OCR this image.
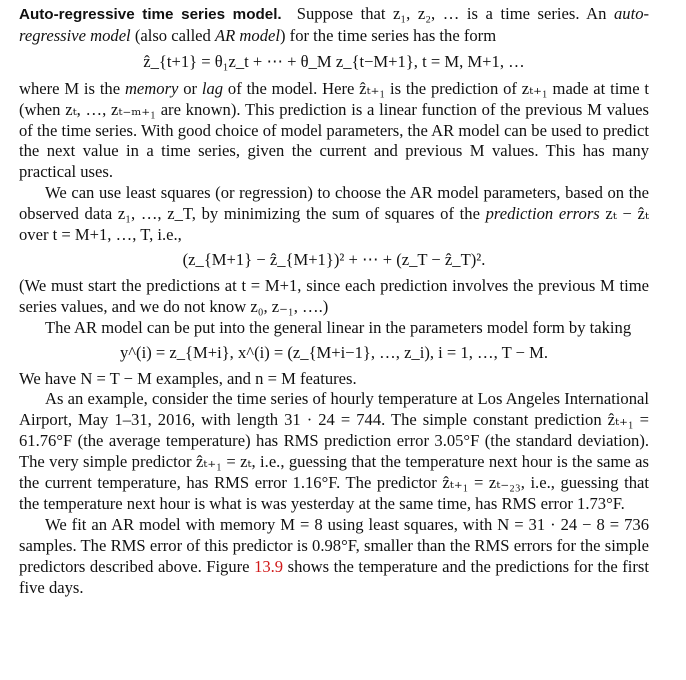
Auto-regressive time series model. Suppose that z₁, z₂, … is a time series. An auto-regressive model (also called AR model) for the time series has the form

ẑ_{t+1} = θ₁z_t + ⋯ + θ_M z_{t−M+1}, t = M, M+1, …

where M is the memory or lag of the model. Here ẑₜ₊₁ is the prediction of zₜ₊₁ made at time t (when zₜ, …, zₜ₋ₘ₊₁ are known). This prediction is a linear function of the previous M values of the time series. With good choice of model parameters, the AR model can be used to predict the next value in a time series, given the current and previous M values. This has many practical uses.

We can use least squares (or regression) to choose the AR model parameters, based on the observed data z₁, …, z_T, by minimizing the sum of squares of the prediction errors zₜ − ẑₜ over t = M+1, …, T, i.e.,

(z_{M+1} − ẑ_{M+1})² + ⋯ + (z_T − ẑ_T)².

(We must start the predictions at t = M+1, since each prediction involves the previous M time series values, and we do not know z₀, z₋₁, ….)

The AR model can be put into the general linear in the parameters model form by taking

y^(i) = z_{M+i}, x^(i) = (z_{M+i−1}, …, z_i), i = 1, …, T − M.

We have N = T − M examples, and n = M features.

As an example, consider the time series of hourly temperature at Los Angeles International Airport, May 1–31, 2016, with length 31 · 24 = 744. The simple constant prediction ẑₜ₊₁ = 61.76°F (the average temperature) has RMS prediction error 3.05°F (the standard deviation). The very simple predictor ẑₜ₊₁ = zₜ, i.e., guessing that the temperature next hour is the same as the current temperature, has RMS error 1.16°F. The predictor ẑₜ₊₁ = zₜ₋₂₃, i.e., guessing that the temperature next hour is what is was yesterday at the same time, has RMS error 1.73°F.

We fit an AR model with memory M = 8 using least squares, with N = 31 · 24 − 8 = 736 samples. The RMS error of this predictor is 0.98°F, smaller than the RMS errors for the simple predictors described above. Figure 13.9 shows the temperature and the predictions for the first five days.
